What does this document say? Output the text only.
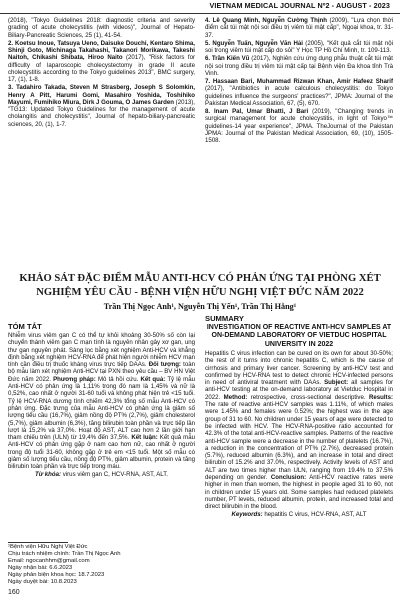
VIETNAM MEDICAL JOURNAL Nº2 - AUGUST - 2023
(2018), "Tokyo Guidelines 2018: diagnostic criteria and severity grading of acute cholecystitis (with videos)", Journal of Hepato-Biliary-Pancreatic Sciences, 25 (1), 41-54.
2. Koetsu Inoue, Tatsuya Ueno, Daisuke Douchi, Kentaro Shima, Shinji Goto, Michinaga Takahashi, Takanori Morikawa, Takeshi Naitoh, Chikashi Shibata, Hiroo Naito (2017), "Risk factors for difficulty of laparoscopic cholecystectomy in grade II acute cholecystitis according to the Tokyo guidelines 2013", BMC surgery, 17, (1), 1-8.
3. Tadahiro Takada, Steven M Strasberg, Joseph S Solomkin, Henry A Pitt, Harumi Gomi, Masahiro Yoshida, Toshihiko Mayumi, Fumihiko Miura, Dirk J Gouma, O James Garden (2013), "TG13: Updated Tokyo Guidelines for the management of acute cholangitis and cholecystitis", Journal of hepato-biliary-pancreatic sciences, 20, (1), 1-7.
4. Lê Quang Minh, Nguyễn Cường Thịnh (2009), "Lựa chọn thời điểm cắt túi mật nội soi điều trị viêm túi mật cấp", Ngoại khoa, tr. 31-37.
5. Nguyễn Tuấn, Nguyễn Văn Hải (2005), "Kết quả cắt túi mật nội soi trong viêm túi mật cấp do sỏi" Y Học TP Hồ Chí Minh, tr. 109-113.
6. Trần Kiến Vũ (2017), Nghiên cứu ứng dụng phẫu thuật cắt túi mật nội soi trong điều trị viêm túi mật cấp tại Bệnh viện Đa khoa tỉnh Trà Vinh.
7. Hassaan Bari, Muhammad Rizwan Khan, Amir Hafeez Sharif (2017), "Antibiotics in acute calculous cholecystitis: do Tokyo guidelines influence the surgeons' practices?", JPMA: Journal of the Pakistan Medical Association, 67, (5), 670.
8. Inam Pal, Umar Bhatti, J Bari (2019), "Changing trends in surgical management for acute cholecystitis, in light of Tokyo™ guidelines-14 year experience", JPMA. TheJournal of the Pakistan JPMA: Journal of the Pakistan Medical Association, 69, (10), 1505-1508.
KHẢO SÁT ĐẶC ĐIỂM MẪU ANTI-HCV CÓ PHẢN ỨNG TẠI PHÒNG XÉT NGHIỆM YÊU CẦU - BỆNH VIỆN HỮU NGHỊ VIỆT ĐỨC NĂM 2022
Trần Thị Ngọc Anh¹, Nguyễn Thị Yến¹, Trần Thị Hằng¹
TÓM TẮT
Nhiễm virus viêm gan C có thể tự khỏi khoảng 30-50% số còn lại chuyển thành viêm gan C mạn tính là nguyên nhân gây xơ gan, ung thư gan nguyên phát. Sàng lọc bằng xét nghiệm Anti-HCV và khẳng định bằng xét nghiệm HCV-RNA để phát hiện người nhiễm HCV mạn tính cần điều trị thuốc kháng virus trực tiếp DAAs. Đối tượng: toàn bộ mẫu làm xét nghiệm Anti-HCV tại PXN theo yêu cầu – BV HN Việt Đức năm 2022. Phương pháp: Mô tả hồi cứu. Kết quả: Tỷ lệ mẫu Anti-HCV có phản ứng là 1,11% trong đó nam là 1,45% và nữ là 0,52%, cao nhất ở người 31-60 tuổi và không phát hiện trẻ <15 tuổi. Tỷ lệ HCV-RNA dương tính chiếm 42,3% tổng số mẫu Anti-HCV có phản ứng. Đặc trưng của mẫu Anti-HCV có phản ứng là giảm số lượng tiểu cầu (16,7%), giảm nồng độ PT% (2,7%), giảm cholesterol (5,7%), giảm albumin (6,3%), tăng bilirubin toàn phần và trực tiếp lần lượt là 15,2% và 37,0%. Hoạt độ AST, ALT cao hơn 2 lần giới hạn tham chiếu trên (ULN) từ 19,4% đến 37,5%. Kết luận: Kết quả mẫu Anti-HCV có phản ứng gặp ở nam cao hơn nữ, cao nhất ở người trong độ tuổi 31-60, không gặp ở trẻ em <15 tuổi. Một số mẫu có giảm số lượng tiểu cầu, nồng độ PT%, giảm albumin, protein và tăng bilirubin toàn phần và trực tiếp trong máu.
Từ khóa: virus viêm gan C, HCV-RNA, AST, ALT.
SUMMARY
INVESTIGATION OF REACTIVE ANTI-HCV SAMPLES AT ON-DEMAND LABORATORY OF VIETDUC HOSPITAL UNIVERSITY IN 2022
Hepatitis C virus infection can be cured on its own for about 30-50%; the rest of it turns into chronic hepatitis C, which is the cause of cirrhosis and primary liver cancer. Screening by anti-HCV test and confirmed by HCV-RNA test to detect chronic HCV-infected persons in need of antiviral treatment with DAAs. Subject: all samples for anti-HCV testing at the on-demand laboratory at Vietduc Hospital in 2022. Method: retrospective, cross-sectional descriptive. Results: The rate of reactive anti-HCV samples was 1.11%, of which males were 1.45% and females were 0.52%; the highest was in the age group of 31 to 60. No children under 15 years of age were detected to be infected with HCV. The HCV-RNA-positive ratio accounted for 42.3% of the total anti-HCV-reactive samples. Patterns of the reactive anti-HCV sample were a decrease in the number of platelets (16.7%), a reduction in the concentration of PT% (2.7%), decreased protein (5.7%), reduced albumin (6.3%), and an increase in total and direct bilirubin of 15.2% and 37.0%, respectively. Activity levels of AST and ALT are two times higher than ULN, ranging from 19.4% to 37.5% depending on gender. Conclusion: Anti-HCV reactive rates were higher in men than women, the highest in people aged 31 to 60, not in children under 15 years old. Some samples had reduced platelets number, PT levels, reduced albumin, protein, and increased total and direct bilirubin in the blood.
Keywords: hepatitis C virus, HCV-RNA, AST, ALT
¹Bệnh viện Hữu Nghị Việt Đức
Chịu trách nhiệm chính: Trần Thị Ngọc Anh
Email: ngocanhhm@gmail.com
Ngày nhận bài: 6.6.2023
Ngày phản biện khoa học: 18.7.2023
Ngày duyệt bài: 10.8.2023
160
